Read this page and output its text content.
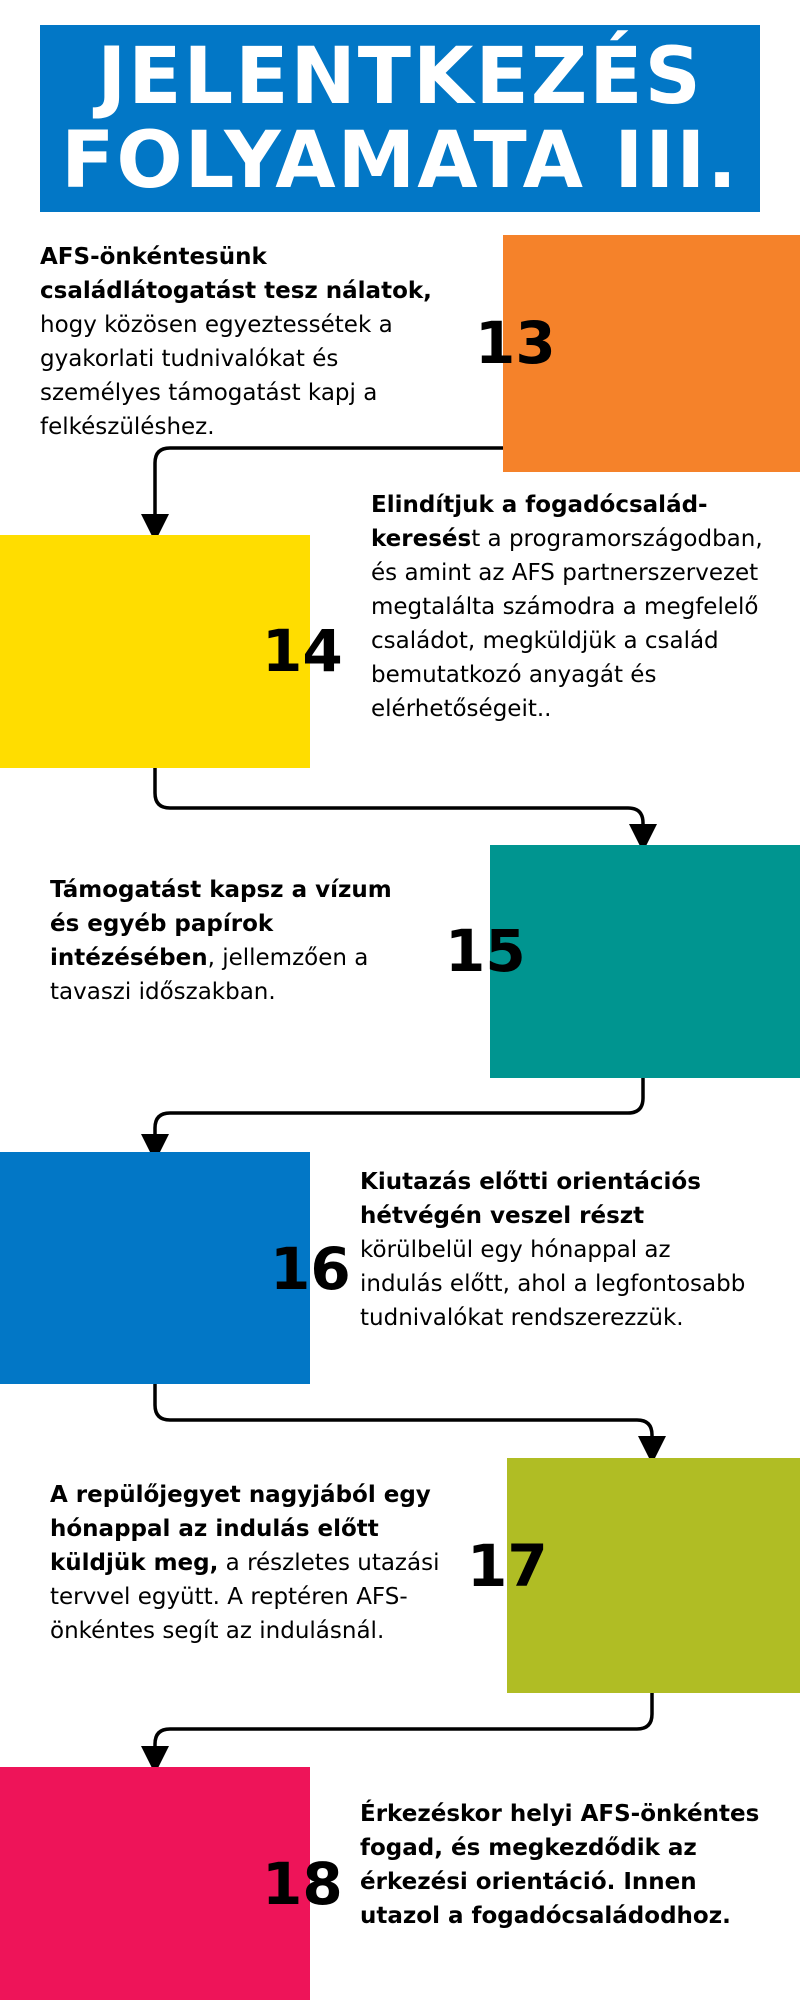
JELENTKEZÉS
FOLYAMATA III.
13
AFS-önkéntesünk családlátogatást tesz nálatok, hogy közösen egyeztessétek a gyakorlati tudnivalókat és személyes támogatást kapj a felkészüléshez.
14
Elindítjuk a fogadócsalád-keresést a programországodban, és amint az AFS partnerszervezet megtalálta számodra a megfelelő családot, megküldjük a család bemutatkozó anyagát és elérhetőségeit..
15
Támogatást kapsz a vízum és egyéb papírok intézésében, jellemzően a tavaszi időszakban.
16
Kiutazás előtti orientációs hétvégén veszel részt körülbelül egy hónappal az indulás előtt, ahol a legfontosabb tudnivalókat rendszerezzük.
17
A repülőjegyet nagyjából egy hónappal az indulás előtt küldjük meg, a részletes utazási tervvel együtt. A reptéren AFS-önkéntes segít az indulásnál.
18
Érkezéskor helyi AFS-önkéntes fogad, és megkezdődik az érkezési orientáció. Innen utazol a fogadócsaládodhoz.
